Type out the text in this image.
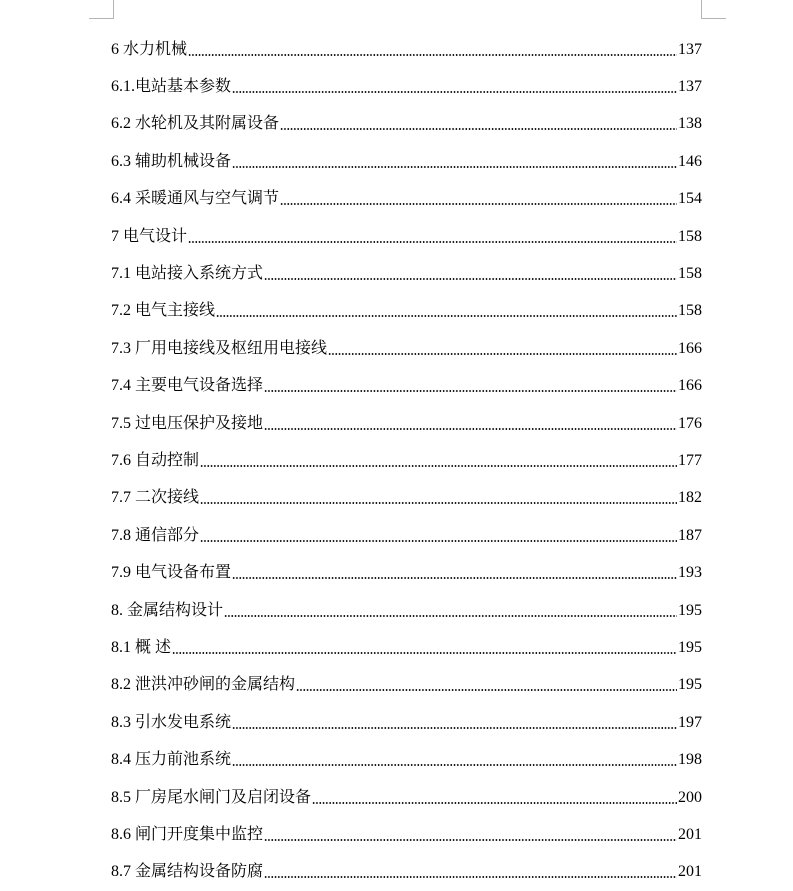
6 水力机械	137
6.1.电站基本参数	137
6.2 水轮机及其附属设备	138
6.3 辅助机械设备	146
6.4 采暖通风与空气调节	154
7 电气设计	158
7.1 电站接入系统方式	158
7.2 电气主接线	158
7.3 厂用电接线及枢纽用电接线	166
7.4 主要电气设备选择	166
7.5 过电压保护及接地	176
7.6 自动控制	177
7.7 二次接线	182
7.8 通信部分	187
7.9 电气设备布置	193
8. 金属结构设计	195
8.1 概 述	195
8.2 泄洪冲砂闸的金属结构	195
8.3 引水发电系统	197
8.4 压力前池系统	198
8.5 厂房尾水闸门及启闭设备	200
8.6 闸门开度集中监控	201
8.7 金属结构设备防腐	201
